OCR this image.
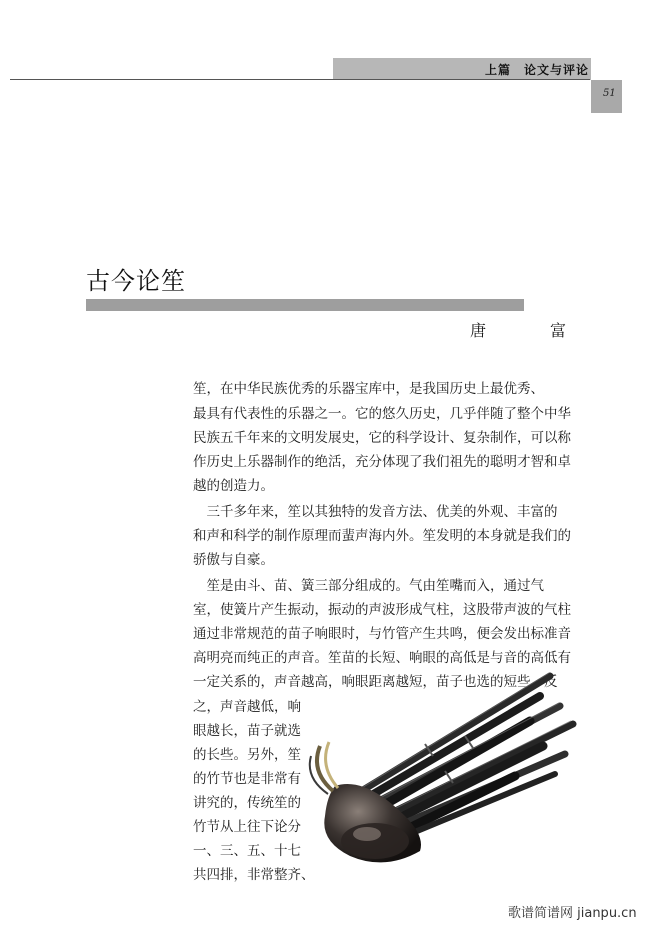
上篇　论文与评论
51
古今论笙
唐　富
笙，在中华民族优秀的乐器宝库中，是我国历史上最优秀、
最具有代表性的乐器之一。它的悠久历史，几乎伴随了整个中华
民族五千年来的文明发展史，它的科学设计、复杂制作，可以称
作历史上乐器制作的绝活，充分体现了我们祖先的聪明才智和卓
越的创造力。
　三千多年来，笙以其独特的发音方法、优美的外观、丰富的
和声和科学的制作原理而蜚声海内外。笙发明的本身就是我们的
骄傲与自豪。
　笙是由斗、苗、簧三部分组成的。气由笙嘴而入，通过气
室，使簧片产生振动，振动的声波形成气柱，这股带声波的气柱
通过非常规范的苗子响眼时，与竹管产生共鸣，便会发出标准音
高明亮而纯正的声音。笙苗的长短、响眼的高低是与音的高低有
一定关系的，声音越高，响眼距离越短，苗子也选的短些，反
之，声音越低，响
眼越长，苗子就选
的长些。另外，笙
的竹节也是非常有
讲究的，传统笙的
竹节从上往下论分
一、三、五、十七
共四排，非常整齐、
歌谱简谱网 jianpu.cn
